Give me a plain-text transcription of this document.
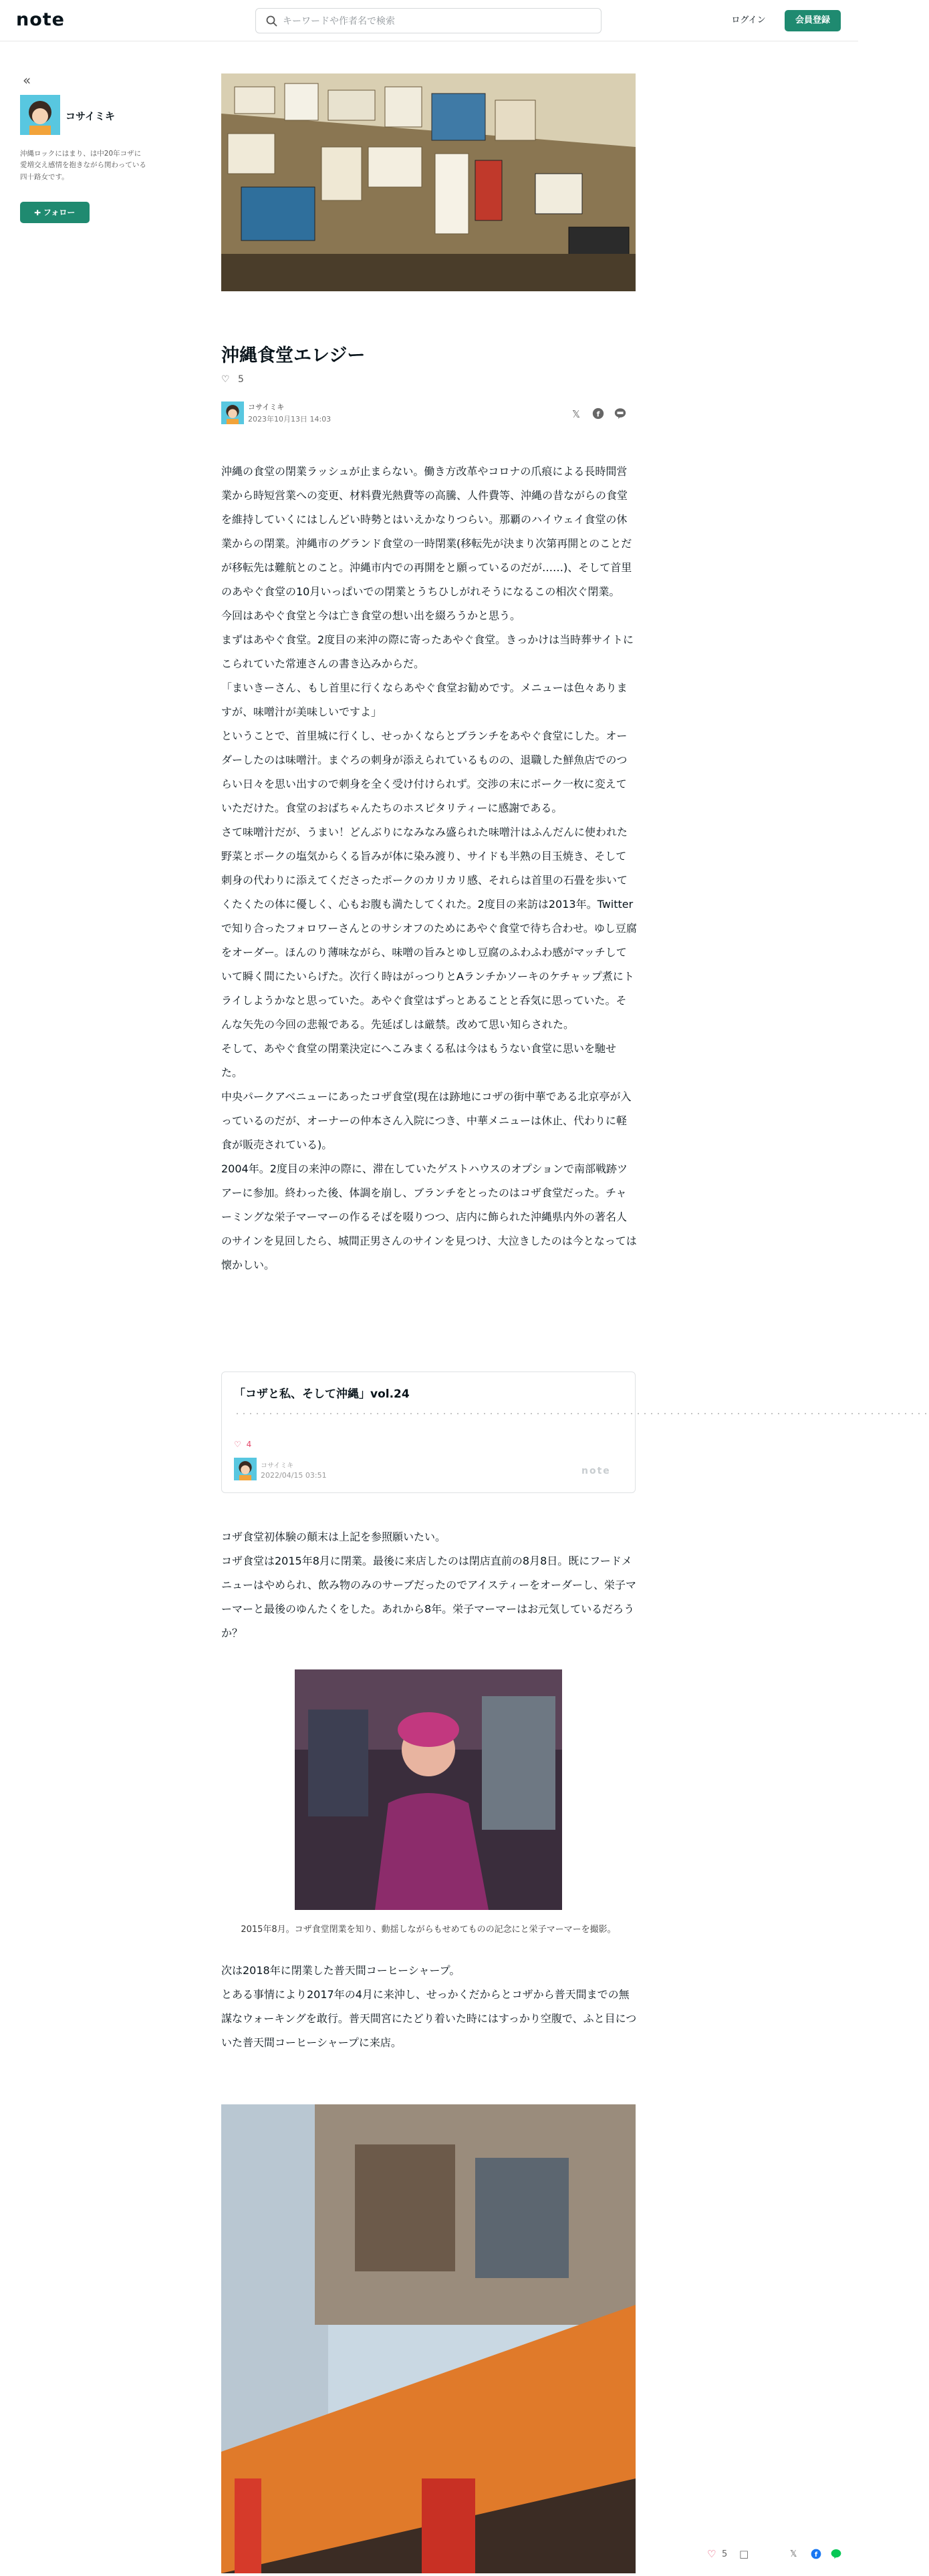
note
キーワードや作者名で検索	ログイン	会員登録
«
コサイミキ
沖縄ロックにはまり、は中20年コザに愛増交え感情を抱きながら関わっている四十路女です。
➕︎ フォロー
沖縄食堂エレジー
♡ 5
コサイミキ
2023年10月13日 14:03	𝕏	f

沖縄の食堂の閉業ラッシュが止まらない。働き方改革やコロナの爪痕による長時間営業から時短営業への変更、材料費光熱費等の高騰、人件費等、沖縄の昔ながらの食堂を維持していくにはしんどい時勢とはいえかなりつらい。那覇のハイウェイ食堂の休業からの閉業。沖縄市のグランド食堂の一時閉業(移転先が決まり次第再開とのことだが移転先は難航とのこと。沖縄市内での再開をと願っているのだが……)、そして首里のあやぐ食堂の10月いっぱいでの閉業とうちひしがれそうになるこの相次ぐ閉業。

今回はあやぐ食堂と今は亡き食堂の想い出を綴ろうかと思う。

まずはあやぐ食堂。2度目の来沖の際に寄ったあやぐ食堂。きっかけは当時葬サイトにこられていた常連さんの書き込みからだ。

「まいきーさん、もし首里に行くならあやぐ食堂お勧めです。メニューは色々ありますが、味噌汁が美味しいですよ」

ということで、首里城に行くし、せっかくならとブランチをあやぐ食堂にした。オーダーしたのは味噌汁。まぐろの刺身が添えられているものの、退職した鮮魚店でのつらい日々を思い出すので刺身を全く受け付けられず。交渉の末にポーク一枚に変えていただけた。食堂のおばちゃんたちのホスピタリティーに感謝である。

さて味噌汁だが、うまい！どんぶりになみなみ盛られた味噌汁はふんだんに使われた野菜とポークの塩気からくる旨みが体に染み渡り、サイドも半熟の目玉焼き、そして刺身の代わりに添えてくださったポークのカリカリ感、それらは首里の石畳を歩いてくたくたの体に優しく、心もお腹も満たしてくれた。2度目の来訪は2013年。Twitterで知り合ったフォロワーさんとのサシオフのためにあやぐ食堂で待ち合わせ。ゆし豆腐をオーダー。ほんのり薄味ながら、味噌の旨みとゆし豆腐のふわふわ感がマッチしていて瞬く間にたいらげた。次行く時はがっつりとAランチかソーキのケチャップ煮にトライしようかなと思っていた。あやぐ食堂はずっとあることと呑気に思っていた。そんな矢先の今回の悲報である。先延ばしは厳禁。改めて思い知らされた。

そして、あやぐ食堂の閉業決定にへこみまくる私は今はもうない食堂に思いを馳せた。

中央パークアベニューにあったコザ食堂(現在は跡地にコザの街中華である北京亭が入っているのだが、オーナーの仲本さん入院につき、中華メニューは休止、代わりに軽食が販売されている)。

2004年。2度目の来沖の際に、滞在していたゲストハウスのオプションで南部戦跡ツアーに参加。終わった後、体調を崩し、ブランチをとったのはコザ食堂だった。チャーミングな栄子マーマーの作るそばを啜りつつ、店内に飾られた沖縄県内外の著名人のサインを見回したら、城間正男さんのサインを見つけ、大泣きしたのは今となっては懐かしい。

「コザと私、そして沖縄」vol.24
・・・・・・・・・・・・・・・・・・・・・・・・・・・・・・・・・・・・・・・・・・・・・・・・・・・・・・・・・・・・・・・・・・・・・・・・・・・・・・・・・・・・・・・・・・・・・・・・・・・・・・・・
♡ 4
コサイミキ
2022/04/15 03:51	note

コザ食堂初体験の顛末は上記を参照願いたい。

コザ食堂は2015年8月に閉業。最後に来店したのは閉店直前の8月8日。既にフードメニューはやめられ、飲み物のみのサーブだったのでアイスティーをオーダーし、栄子マーマーと最後のゆんたくをした。あれから8年。栄子マーマーはお元気しているだろうか？

2015年8月。コザ食堂閉業を知り、動揺しながらもせめてものの記念にと栄子マーマーを撮影。

次は2018年に閉業した普天間コーヒーシャープ。

とある事情により2017年の4月に来沖し、せっかくだからとコザから普天間までの無謀なウォーキングを敢行。普天間宮にたどり着いた時にはすっかり空腹で、ふと目についた普天間コーヒーシャープに来店。

♡ 5 □	𝕏 f
